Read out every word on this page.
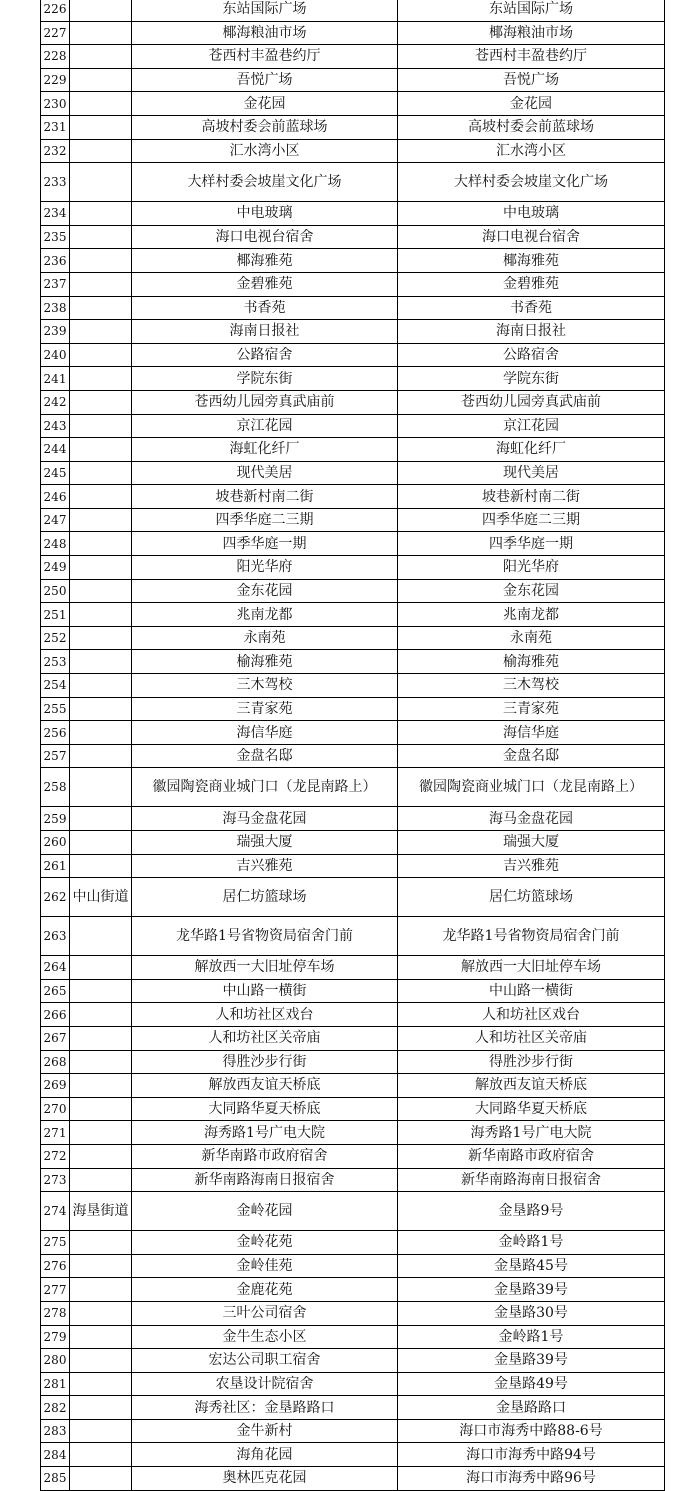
226		东站国际广场	东站国际广场
227		椰海粮油市场	椰海粮油市场
228		苍西村丰盈巷约厅	苍西村丰盈巷约厅
229		吾悦广场	吾悦广场
230		金花园	金花园
231		高坡村委会前蓝球场	高坡村委会前蓝球场
232		汇水湾小区	汇水湾小区
233		大样村委会坡崖文化广场	大样村委会坡崖文化广场
234		中电玻璃	中电玻璃
235		海口电视台宿舍	海口电视台宿舍
236		椰海雅苑	椰海雅苑
237		金碧雅苑	金碧雅苑
238		书香苑	书香苑
239		海南日报社	海南日报社
240		公路宿舍	公路宿舍
241		学院东街	学院东街
242		苍西幼儿园旁真武庙前	苍西幼儿园旁真武庙前
243		京江花园	京江花园
244		海虹化纤厂	海虹化纤厂
245		现代美居	现代美居
246		坡巷新村南二街	坡巷新村南二街
247		四季华庭二三期	四季华庭二三期
248		四季华庭一期	四季华庭一期
249		阳光华府	阳光华府
250		金东花园	金东花园
251		兆南龙都	兆南龙都
252		永南苑	永南苑
253		榆海雅苑	榆海雅苑
254		三木驾校	三木驾校
255		三青家苑	三青家苑
256		海信华庭	海信华庭
257		金盘名邸	金盘名邸
258		徽园陶瓷商业城门口（龙昆南路上）	徽园陶瓷商业城门口（龙昆南路上）
259		海马金盘花园	海马金盘花园
260		瑞强大厦	瑞强大厦
261		吉兴雅苑	吉兴雅苑
262	中山街道	居仁坊篮球场	居仁坊篮球场
263		龙华路1号省物资局宿舍门前	龙华路1号省物资局宿舍门前
264		解放西一大旧址停车场	解放西一大旧址停车场
265		中山路一横街	中山路一横街
266		人和坊社区戏台	人和坊社区戏台
267		人和坊社区关帝庙	人和坊社区关帝庙
268		得胜沙步行街	得胜沙步行街
269		解放西友谊天桥底	解放西友谊天桥底
270		大同路华夏天桥底	大同路华夏天桥底
271		海秀路1号广电大院	海秀路1号广电大院
272		新华南路市政府宿舍	新华南路市政府宿舍
273		新华南路海南日报宿舍	新华南路海南日报宿舍
274	海垦街道	金岭花园	金垦路9号
275		金岭花苑	金岭路1号
276		金岭佳苑	金垦路45号
277		金鹿花苑	金垦路39号
278		三叶公司宿舍	金垦路30号
279		金牛生态小区	金岭路1号
280		宏达公司职工宿舍	金垦路39号
281		农垦设计院宿舍	金垦路49号
282		海秀社区：金垦路路口	金垦路路口
283		金牛新村	海口市海秀中路88-6号
284		海角花园	海口市海秀中路94号
285		奥林匹克花园	海口市海秀中路96号
